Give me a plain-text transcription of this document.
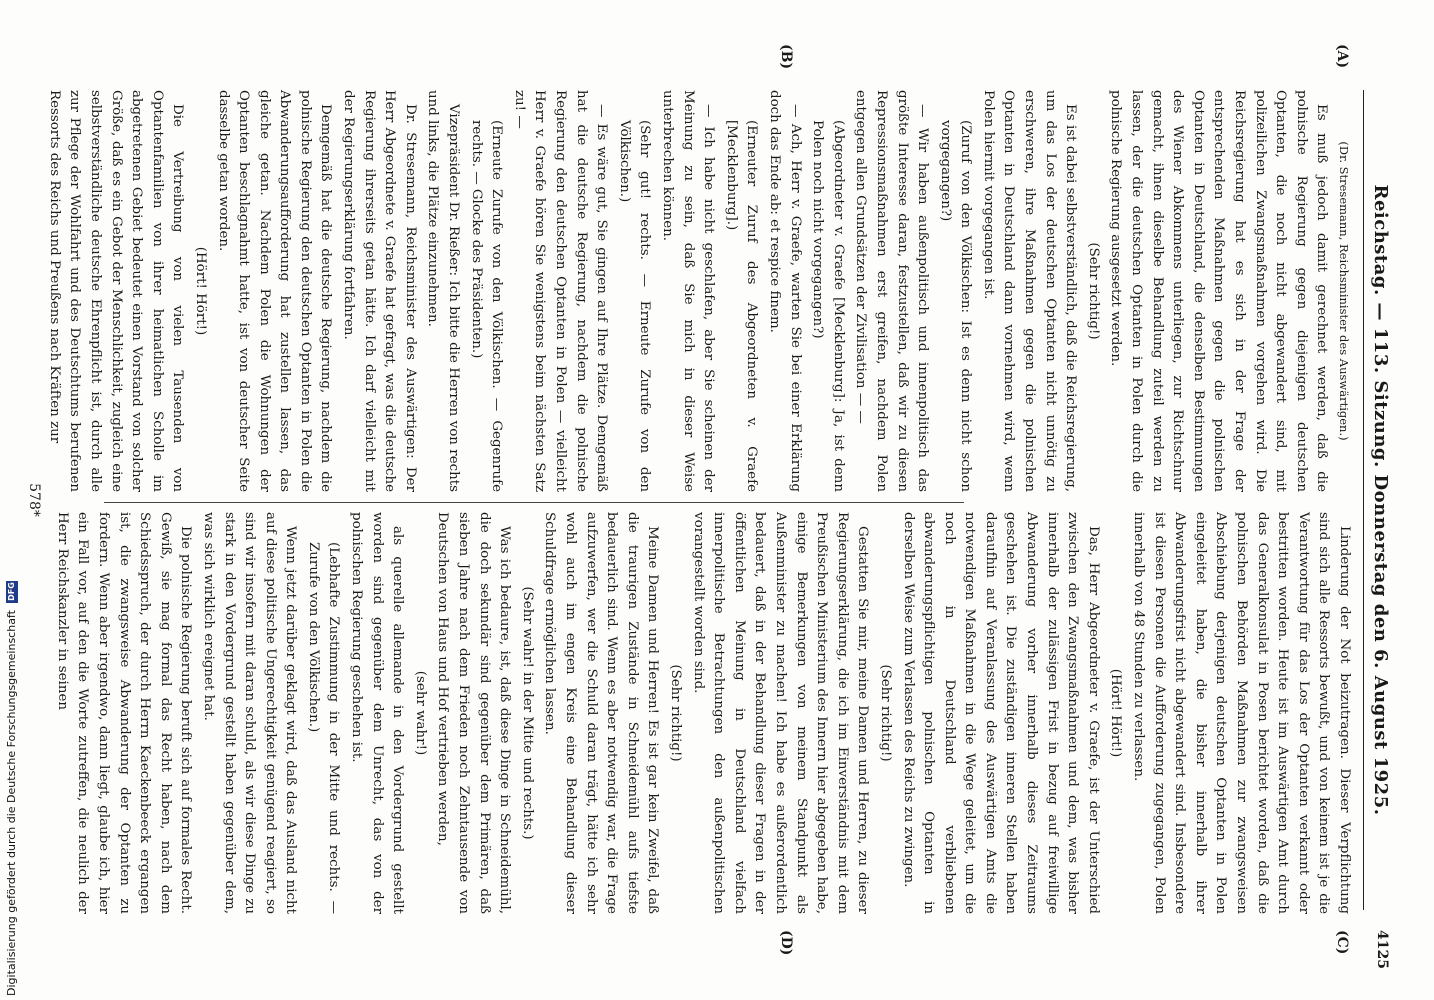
Reichstag. — 113. Sitzung. Donnerstag den 6. August 1925.
4125
(A)
(B)
(C)
(D)

(Dr. Stresemann, Reichsminister des Auswärtigen.)

Es muß jedoch damit gerechnet werden, daß die polnische Regierung gegen diejenigen deutschen Optanten, die noch nicht abgewandert sind, mit polizeilichen Zwangsmaßnahmen vorgehen wird. Die Reichsregierung hat es sich in der Frage der entsprechenden Maßnahmen gegen die polnischen Optanten in Deutschland, die denselben Bestimmungen des Wiener Abkommens unterliegen, zur Richtschnur gemacht, ihnen dieselbe Behandlung zuteil werden zu lassen, der die deutschen Optanten in Polen durch die polnische Regierung ausgesetzt werden.

(Sehr richtig!)

Es ist dabei selbstverständlich, daß die Reichsregierung, um das Los der deutschen Optanten nicht unnötig zu erschweren, ihre Maßnahmen gegen die polnischen Optanten in Deutschland dann vornehmen wird, wenn Polen hiermit vorgegangen ist.

(Zuruf von den Völkischen: Ist es denn nicht schon vorgegangen?)

— Wir haben außenpolitisch und innenpolitisch das größte Interesse daran, festzustellen, daß wir zu diesen Repressionsmaßnahmen erst greifen, nachdem Polen entgegen allen Grundsätzen der Zivilisation — —

(Abgeordneter v. Graefe [Mecklenburg]: Ja, ist denn Polen noch nicht vorgegangen?)

— Ach, Herr v. Graefe, warten Sie bei einer Erklärung doch das Ende ab: et respice finem.

(Erneuter Zuruf des Abgeordneten v. Graefe [Mecklenburg].)

— Ich habe nicht geschlafen, aber Sie scheinen der Meinung zu sein, daß Sie mich in dieser Weise unterbrechen können.

(Sehr gut! rechts. — Erneute Zurufe von den Völkischen.)

— Es wäre gut, Sie gingen auf Ihre Plätze. Demgemäß hat die deutsche Regierung, nachdem die polnische Regierung den deutschen Optanten in Polen — vielleicht Herr v. Graefe hören Sie wenigstens beim nächsten Satz zu! —

(Erneute Zurufe von den Völkischen. — Gegenrufe rechts. — Glocke des Präsidenten.)

Vizepräsident Dr. Rießer: Ich bitte die Herren von rechts und links, die Plätze einzunehmen.

Dr. Stresemann, Reichsminister des Auswärtigen: Der Herr Abgeordnete v. Graefe hat gefragt, was die deutsche Regierung ihrerseits getan hätte. Ich darf vielleicht mit der Regierungserklärung fortfahren.

Demgemäß hat die deutsche Regierung, nachdem die polnische Regierung den deutschen Optanten in Polen die Abwanderungsaufforderung hat zustellen lassen, das gleiche getan. Nachdem Polen die Wohnungen der Optanten beschlagnahmt hatte, ist von deutscher Seite dasselbe getan worden.

(Hört! Hört!)

Die Vertreibung von vielen Tausenden von Optantenfamilien von ihrer heimatlichen Scholle im abgetretenen Gebiet bedeutet einen Vorstand von solcher Größe, daß es ein Gebot der Menschlichkeit, zugleich eine selbstverständliche deutsche Ehrenpflicht ist, durch alle zur Pflege der Wohlfahrt und des Deutschtums berufenen Ressorts des Reichs und Preußens nach Kräften zur

Linderung der Not beizutragen. Dieser Verpflichtung sind sich alle Ressorts bewußt, und von keinem ist je die Verantwortung für das Los der Optanten verkannt oder bestritten worden. Heute ist im Auswärtigen Amt durch das Generalkonsulat in Posen berichtet worden, daß die polnischen Behörden Maßnahmen zur zwangsweisen Abschiebung derjenigen deutschen Optanten in Polen eingeleitet haben, die bisher innerhalb ihrer Abwanderungsfrist nicht abgewandert sind. Insbesondere ist diesen Personen die Aufforderung zugegangen, Polen innerhalb von 48 Stunden zu verlassen.

(Hört! Hört!)

Das, Herr Abgeordneter v. Graefe, ist der Unterschied zwischen den Zwangsmaßnahmen und dem, was bisher innerhalb der zulässigen Frist in bezug auf freiwillige Abwanderung vorher innerhalb dieses Zeitraums geschehen ist. Die zuständigen inneren Stellen haben daraufhin auf Veranlassung des Auswärtigen Amts die notwendigen Maßnahmen in die Wege geleitet, um die noch in Deutschland verbliebenen abwanderungspflichtigen polnischen Optanten in derselben Weise zum Verlassen des Reichs zu zwingen.

(Sehr richtig!)

Gestatten Sie mir, meine Damen und Herren, zu dieser Regierungserklärung, die ich im Einverständnis mit dem Preußischen Ministerium des Innern hier abgegeben habe, einige Bemerkungen von meinem Standpunkt als Außenminister zu machen! Ich habe es außerordentlich bedauert, daß in der Behandlung dieser Fragen in der öffentlichen Meinung in Deutschland vielfach innerpolitische Betrachtungen den außenpolitischen vorangestellt worden sind.

(Sehr richtig!)

Meine Damen und Herren! Es ist gar kein Zweifel, daß die traurigen Zustände in Schneidemühl aufs tiefste bedauerlich sind. Wenn es aber notwendig war, die Frage aufzuwerfen, wer die Schuld daran trägt, hätte ich sehr wohl auch im engen Kreis eine Behandlung dieser Schuldfrage ermöglichen lassen.

(Sehr wahr! in der Mitte und rechts.)

Was ich bedaure, ist, daß diese Dinge in Schneidemühl, die doch sekundär sind gegenüber dem Primären, daß sieben Jahre nach dem Frieden noch Zehntausende von Deutschen von Haus und Hof vertrieben werden,

(sehr wahr!)

als querelle allemande in den Vordergrund gestellt worden sind gegenüber dem Unrecht, das von der polnischen Regierung geschehen ist.

(Lebhafte Zustimmung in der Mitte und rechts. — Zurufe von den Völkischen.)

Wenn jetzt darüber geklagt wird, daß das Ausland nicht auf diese politische Ungerechtigkeit genügend reagiert, so sind wir insofern mit daran schuld, als wir diese Dinge zu stark in den Vordergrund gestellt haben gegenüber dem, was sich wirklich ereignet hat.

Die polnische Regierung beruft sich auf formales Recht. Gewiß, sie mag formal das Recht haben, nach dem Schiedsspruch, der durch Herrn Kaeckenbeeck ergangen ist, die zwangsweise Abwanderung der Optanten zu fordern. Wenn aber irgendwo, dann liegt, glaube ich, hier ein Fall vor, auf den die Worte zutreffen, die neulich der Herr Reichskanzler in seinen

578*
Digitalisierung gefördert durch die Deutsche Forschungsgemeinschaft DFG
